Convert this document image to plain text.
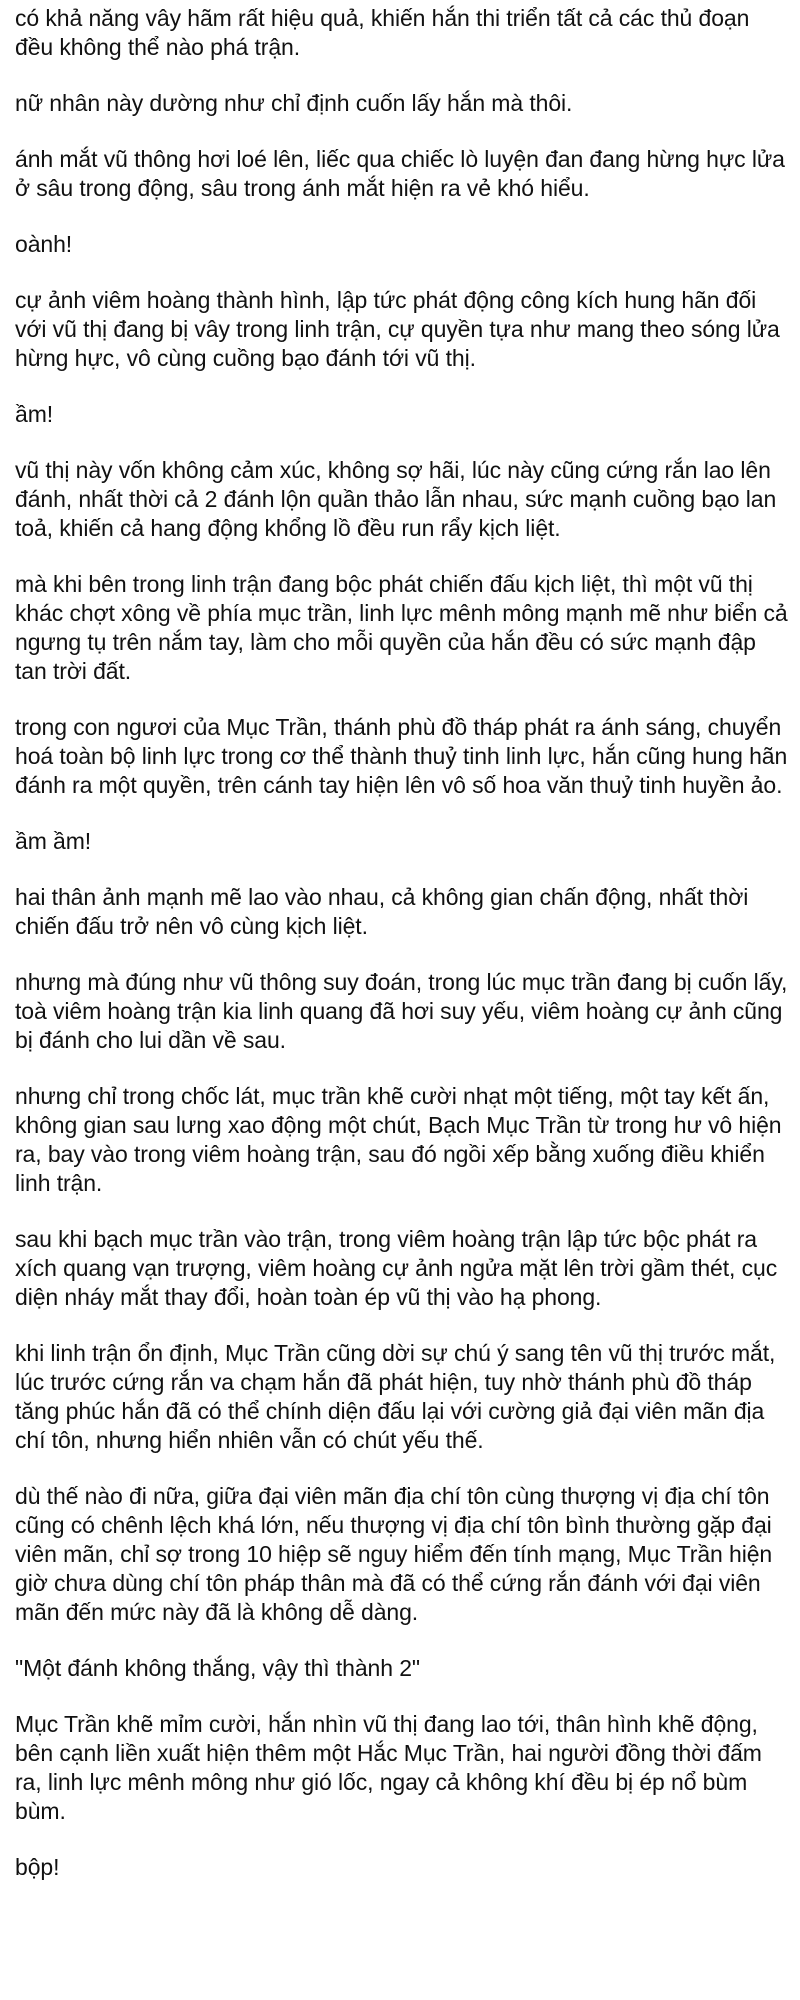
có khả năng vây hãm rất hiệu quả, khiến hắn thi triển tất cả các thủ đoạn đều không thể nào phá trận.

nữ nhân này dường như chỉ định cuốn lấy hắn mà thôi.

ánh mắt vũ thông hơi loé lên, liếc qua chiếc lò luyện đan đang hừng hực lửa ở sâu trong động, sâu trong ánh mắt hiện ra vẻ khó hiểu.

oành!

cự ảnh viêm hoàng thành hình, lập tức phát động công kích hung hãn đối với vũ thị đang bị vây trong linh trận, cự quyền tựa như mang theo sóng lửa hừng hực, vô cùng cuồng bạo đánh tới vũ thị.

ầm!

vũ thị này vốn không cảm xúc, không sợ hãi, lúc này cũng cứng rắn lao lên đánh, nhất thời cả 2 đánh lộn quần thảo lẫn nhau, sức mạnh cuồng bạo lan toả, khiến cả hang động khổng lồ đều run rẩy kịch liệt.

mà khi bên trong linh trận đang bộc phát chiến đấu kịch liệt, thì một vũ thị khác chợt xông về phía mục trần, linh lực mênh mông mạnh mẽ như biển cả ngưng tụ trên nắm tay, làm cho mỗi quyền của hắn đều có sức mạnh đập tan trời đất.

trong con ngươi của Mục Trần, thánh phù đồ tháp phát ra ánh sáng, chuyển hoá toàn bộ linh lực trong cơ thể thành thuỷ tinh linh lực, hắn cũng hung hãn đánh ra một quyền, trên cánh tay hiện lên vô số hoa văn thuỷ tinh huyền ảo.

ầm ầm!

hai thân ảnh mạnh mẽ lao vào nhau, cả không gian chấn động, nhất thời chiến đấu trở nên vô cùng kịch liệt.

nhưng mà đúng như vũ thông suy đoán, trong lúc mục trần đang bị cuốn lấy, toà viêm hoàng trận kia linh quang đã hơi suy yếu, viêm hoàng cự ảnh cũng bị đánh cho lui dần về sau.

nhưng chỉ trong chốc lát, mục trần khẽ cười nhạt một tiếng, một tay kết ấn, không gian sau lưng xao động một chút, Bạch Mục Trần từ trong hư vô hiện ra, bay vào trong viêm hoàng trận, sau đó ngồi xếp bằng xuống điều khiển linh trận.

sau khi bạch mục trần vào trận, trong viêm hoàng trận lập tức bộc phát ra xích quang vạn trượng, viêm hoàng cự ảnh ngửa mặt lên trời gầm thét, cục diện nháy mắt thay đổi, hoàn toàn ép vũ thị vào hạ phong.

khi linh trận ổn định, Mục Trần cũng dời sự chú ý sang tên vũ thị trước mắt, lúc trước cứng rắn va chạm hắn đã phát hiện, tuy nhờ thánh phù đồ tháp tăng phúc hắn đã có thể chính diện đấu lại với cường giả đại viên mãn địa chí tôn, nhưng hiển nhiên vẫn có chút yếu thế.

dù thế nào đi nữa, giữa đại viên mãn địa chí tôn cùng thượng vị địa chí tôn cũng có chênh lệch khá lớn, nếu thượng vị địa chí tôn bình thường gặp đại viên mãn, chỉ sợ trong 10 hiệp sẽ nguy hiểm đến tính mạng, Mục Trần hiện giờ chưa dùng chí tôn pháp thân mà đã có thể cứng rắn đánh với đại viên mãn đến mức này đã là không dễ dàng.

"Một đánh không thắng, vậy thì thành 2"

Mục Trần khẽ mỉm cười, hắn nhìn vũ thị đang lao tới, thân hình khẽ động, bên cạnh liền xuất hiện thêm một Hắc Mục Trần, hai người đồng thời đấm ra, linh lực mênh mông như gió lốc, ngay cả không khí đều bị ép nổ bùm bùm.

bộp!
